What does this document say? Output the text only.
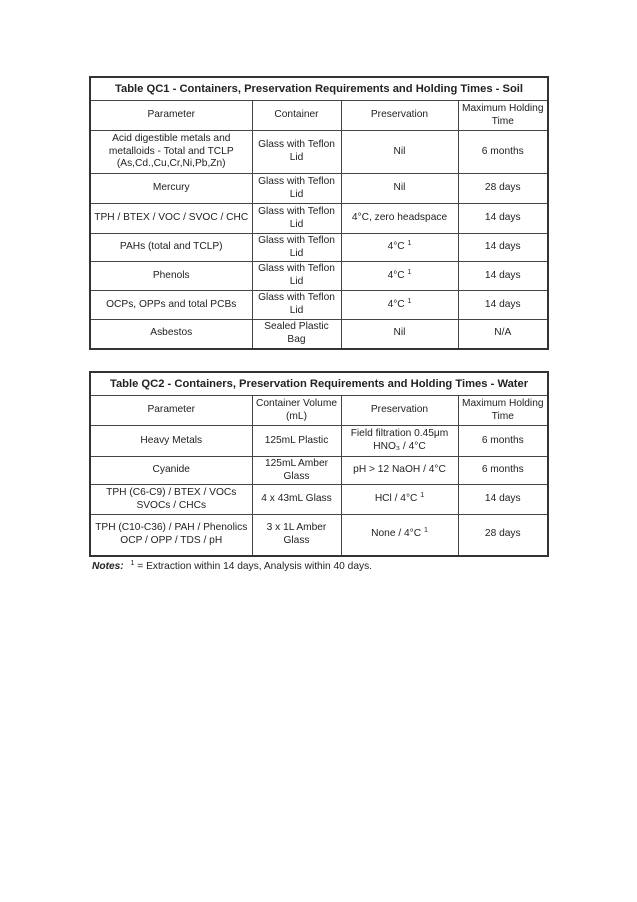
Table QC1 - Containers, Preservation Requirements and Holding Times - Soil			
Parameter	Container	Preservation	Maximum Holding Time
Acid digestible metals and metalloids - Total and TCLP (As,Cd.,Cu,Cr,Ni,Pb,Zn)	Glass with Teflon Lid	Nil	6 months
Mercury	Glass with Teflon Lid	Nil	28 days
TPH / BTEX / VOC / SVOC / CHC	Glass with Teflon Lid	4°C, zero headspace	14 days
PAHs (total and TCLP)	Glass with Teflon Lid	4°C $^1$	14 days
Phenols	Glass with Teflon Lid	4°C $^1$	14 days
OCPs, OPPs and total PCBs	Glass with Teflon Lid	4°C $^1$	14 days
Asbestos	Sealed Plastic Bag	Nil	N/A
Table QC2 - Containers, Preservation Requirements and Holding Times - Water			
Parameter	Container Volume (mL)	Preservation	Maximum Holding Time
Heavy Metals	125mL Plastic	Field filtration 0.45μm HNO₃ / 4°C	6 months
Cyanide	125mL Amber Glass	pH > 12 NaOH / 4°C	6 months
TPH (C6-C9) / BTEX / VOCs SVOCs / CHCs	4 x 43mL Glass	HCl / 4°C $^1$	14 days
TPH (C10-C36) / PAH / Phenolics OCP / OPP / TDS / pH	3 x 1L Amber Glass	None / 4°C $^1$	28 days
Notes: $^1$ = Extraction within 14 days, Analysis within 40 days.
